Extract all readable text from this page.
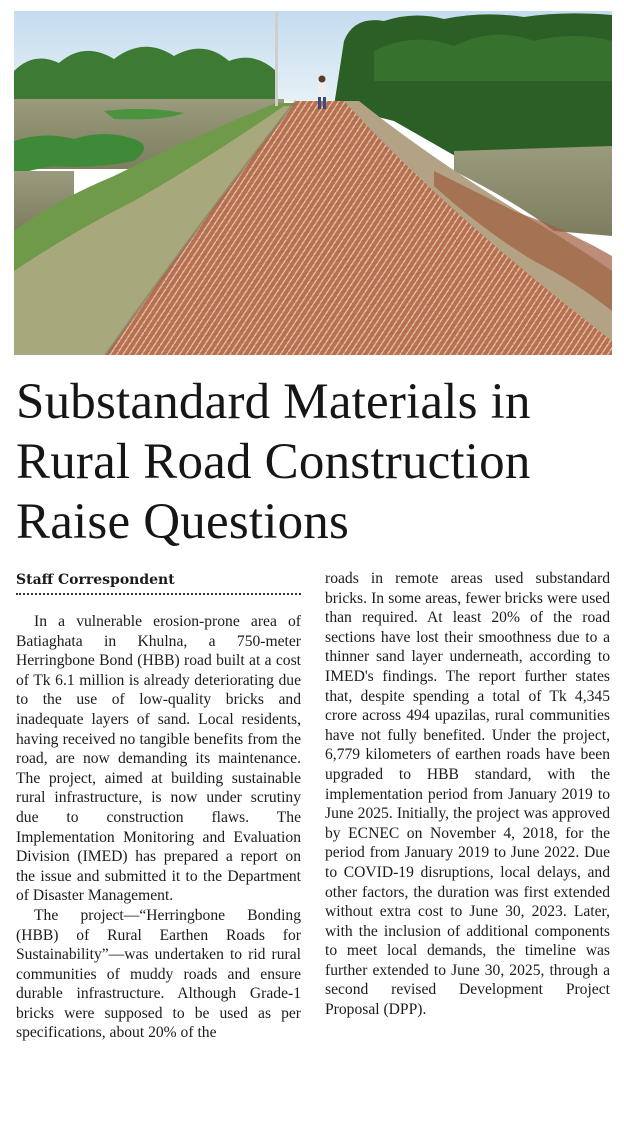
Substandard Materials in Rural Road Construction Raise Questions
Staff Correspondent

In a vulnerable erosion-prone area of Batiaghata in Khulna, a 750-meter Herringbone Bond (HBB) road built at a cost of Tk 6.1 million is already deteriorating due to the use of low-quality bricks and inadequate layers of sand. Local residents, having received no tangible benefits from the road, are now demanding its maintenance. The project, aimed at building sustainable rural infrastructure, is now under scrutiny due to construction flaws. The Implementation Monitoring and Evaluation Division (IMED) has prepared a report on the issue and submitted it to the Department of Disaster Management.

The project—“Herringbone Bonding (HBB) of Rural Earthen Roads for Sustainability”—was undertaken to rid rural communities of muddy roads and ensure durable infrastructure. Although Grade-1 bricks were supposed to be used as per specifications, about 20% of the

roads in remote areas used substandard bricks. In some areas, fewer bricks were used than required. At least 20% of the road sections have lost their smoothness due to a thinner sand layer underneath, according to IMED's findings. The report further states that, despite spending a total of Tk 4,345 crore across 494 upazilas, rural communities have not fully benefited. Under the project, 6,779 kilometers of earthen roads have been upgraded to HBB standard, with the implementation period from January 2019 to June 2025. Initially, the project was approved by ECNEC on November 4, 2018, for the period from January 2019 to June 2022. Due to COVID-19 disruptions, local delays, and other factors, the duration was first extended without extra cost to June 30, 2023. Later, with the inclusion of additional components to meet local demands, the timeline was further extended to June 30, 2025, through a second revised Development Project Proposal (DPP).
